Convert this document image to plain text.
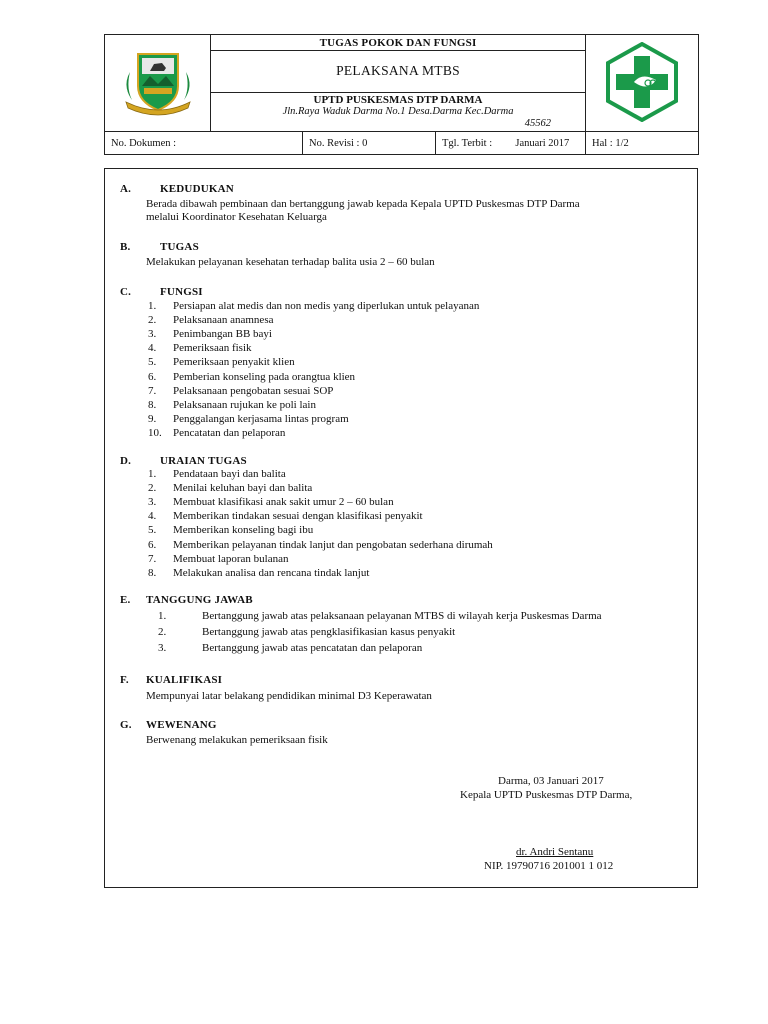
	TUGAS POKOK DAN FUNGSI	
	PELAKSANA MTBS			

	UPTD PUSKESMAS DTP DARMA
Jln.Raya Waduk Darma No.1 Desa.Darma Kec.Darma
45562			

No. Dokumen :		No. Revisi : 0	Tgl. Terbit : Januari 2017	Hal : 1/2
A.	KEDUDUKAN
Berada dibawah pembinaan dan bertanggung jawab kepada Kepala UPTD Puskesmas DTP Darma
melalui Koordinator Kesehatan Keluarga
B.	TUGAS
Melakukan pelayanan kesehatan terhadap balita usia 2 – 60 bulan
C.	FUNGSI
1. Persiapan alat medis dan non medis yang diperlukan untuk pelayanan
2. Pelaksanaan anamnesa
3. Penimbangan BB bayi
4. Pemeriksaan fisik
5. Pemeriksaan penyakit klien
6. Pemberian konseling pada orangtua klien
7. Pelaksanaan pengobatan sesuai SOP
8. Pelaksanaan rujukan ke poli lain
9. Penggalangan kerjasama lintas program
10. Pencatatan dan pelaporan
D.	URAIAN TUGAS
1. Pendataan bayi dan balita
2. Menilai keluhan bayi dan balita
3. Membuat klasifikasi anak sakit umur 2 – 60 bulan
4. Memberikan tindakan sesuai dengan klasifikasi penyakit
5. Memberikan konseling bagi ibu
6. Memberikan pelayanan tindak lanjut dan pengobatan sederhana dirumah
7. Membuat laporan bulanan
8. Melakukan analisa dan rencana tindak lanjut
E. TANGGUNG JAWAB
1.	Bertanggung jawab atas pelaksanaan pelayanan MTBS di wilayah kerja Puskesmas Darma
2.	Bertanggung jawab atas pengklasifikasian kasus penyakit
3.	Bertanggung jawab atas pencatatan dan pelaporan
F. KUALIFIKASI
Mempunyai latar belakang pendidikan minimal D3 Keperawatan
G. WEWENANG
Berwenang melakukan pemeriksaan fisik
Darma, 03 Januari 2017
Kepala UPTD Puskesmas DTP Darma,
dr. Andri Sentanu
NIP. 19790716 201001 1 012
